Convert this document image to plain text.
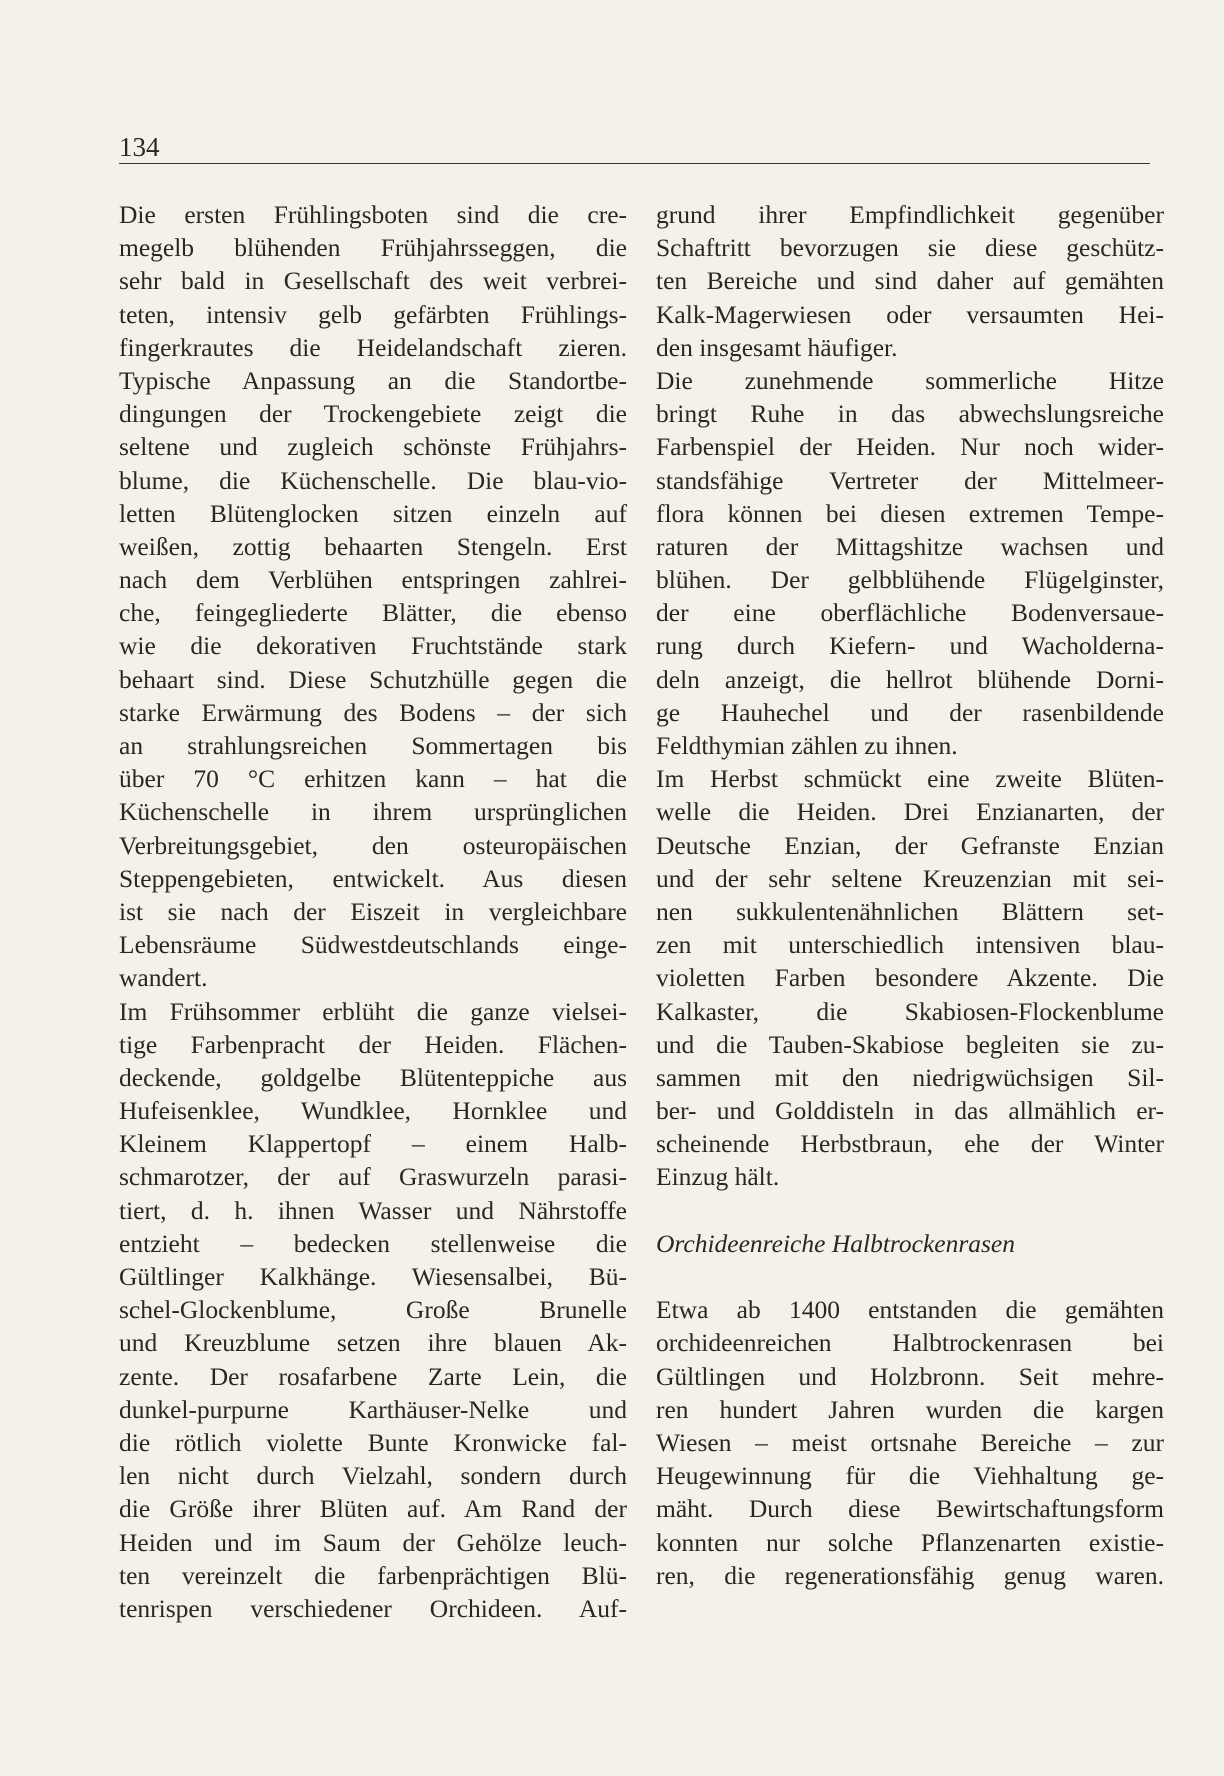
134
Die ersten Frühlingsboten sind die cre-
megelb blühenden Frühjahrsseggen, die
sehr bald in Gesellschaft des weit verbrei-
teten, intensiv gelb gefärbten Frühlings-
fingerkrautes die Heidelandschaft zieren.
Typische Anpassung an die Standortbe-
dingungen der Trockengebiete zeigt die
seltene und zugleich schönste Frühjahrs-
blume, die Küchenschelle. Die blau-vio-
letten Blütenglocken sitzen einzeln auf
weißen, zottig behaarten Stengeln. Erst
nach dem Verblühen entspringen zahlrei-
che, feingegliederte Blätter, die ebenso
wie die dekorativen Fruchtstände stark
behaart sind. Diese Schutzhülle gegen die
starke Erwärmung des Bodens – der sich
an strahlungsreichen Sommertagen bis
über 70 °C erhitzen kann – hat die
Küchenschelle in ihrem ursprünglichen
Verbreitungsgebiet, den osteuropäischen
Steppengebieten, entwickelt. Aus diesen
ist sie nach der Eiszeit in vergleichbare
Lebensräume Südwestdeutschlands einge-
wandert.
Im Frühsommer erblüht die ganze vielsei-
tige Farbenpracht der Heiden. Flächen-
deckende, goldgelbe Blütenteppiche aus
Hufeisenklee, Wundklee, Hornklee und
Kleinem Klappertopf – einem Halb-
schmarotzer, der auf Graswurzeln parasi-
tiert, d. h. ihnen Wasser und Nährstoffe
entzieht – bedecken stellenweise die
Gültlinger Kalkhänge. Wiesensalbei, Bü-
schel-Glockenblume, Große Brunelle
und Kreuzblume setzen ihre blauen Ak-
zente. Der rosafarbene Zarte Lein, die
dunkel-purpurne Karthäuser-Nelke und
die rötlich violette Bunte Kronwicke fal-
len nicht durch Vielzahl, sondern durch
die Größe ihrer Blüten auf. Am Rand der
Heiden und im Saum der Gehölze leuch-
ten vereinzelt die farbenprächtigen Blü-
tenrispen verschiedener Orchideen. Auf-
grund ihrer Empfindlichkeit gegenüber
Schaftritt bevorzugen sie diese geschütz-
ten Bereiche und sind daher auf gemähten
Kalk-Magerwiesen oder versaumten Hei-
den insgesamt häufiger.
Die zunehmende sommerliche Hitze
bringt Ruhe in das abwechslungsreiche
Farbenspiel der Heiden. Nur noch wider-
standsfähige Vertreter der Mittelmeer-
flora können bei diesen extremen Tempe-
raturen der Mittagshitze wachsen und
blühen. Der gelbblühende Flügelginster,
der eine oberflächliche Bodenversaue-
rung durch Kiefern- und Wacholderna-
deln anzeigt, die hellrot blühende Dorni-
ge Hauhechel und der rasenbildende
Feldthymian zählen zu ihnen.
Im Herbst schmückt eine zweite Blüten-
welle die Heiden. Drei Enzianarten, der
Deutsche Enzian, der Gefranste Enzian
und der sehr seltene Kreuzenzian mit sei-
nen sukkulentenähnlichen Blättern set-
zen mit unterschiedlich intensiven blau-
violetten Farben besondere Akzente. Die
Kalkaster, die Skabiosen-Flockenblume
und die Tauben-Skabiose begleiten sie zu-
sammen mit den niedrigwüchsigen Sil-
ber- und Golddisteln in das allmählich er-
scheinende Herbstbraun, ehe der Winter
Einzug hält.
Orchideenreiche Halbtrockenrasen
Etwa ab 1400 entstanden die gemähten
orchideenreichen Halbtrockenrasen bei
Gültlingen und Holzbronn. Seit mehre-
ren hundert Jahren wurden die kargen
Wiesen – meist ortsnahe Bereiche – zur
Heugewinnung für die Viehhaltung ge-
mäht. Durch diese Bewirtschaftungsform
konnten nur solche Pflanzenarten existie-
ren, die regenerationsfähig genug waren.
